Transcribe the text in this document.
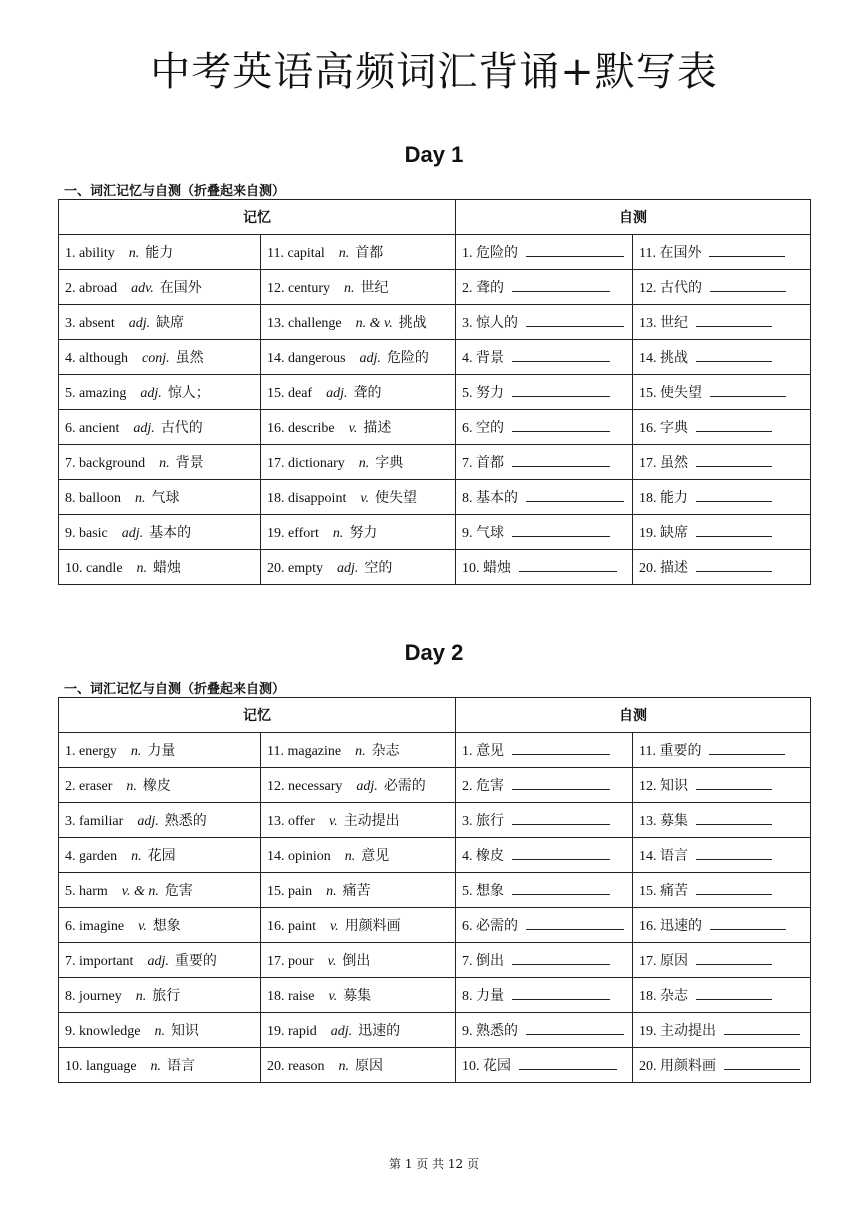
中考英语高频词汇背诵+默写表
Day 1
一、词汇记忆与自测（折叠起来自测）
记忆		自测	
1. ability n. 能力	11. capital n. 首都	1. 危险的	11. 在国外
2. abroad adv. 在国外	12. century n. 世纪	2. 聋的	12. 古代的
3. absent adj. 缺席	13. challenge n. & v. 挑战	3. 惊人的	13. 世纪
4. although conj. 虽然	14. dangerous adj. 危险的	4. 背景	14. 挑战
5. amazing adj. 惊人；	15. deaf adj. 聋的	5. 努力	15. 使失望
6. ancient adj. 古代的	16. describe v. 描述	6. 空的	16. 字典
7. background n. 背景	17. dictionary n. 字典	7. 首都	17. 虽然
8. balloon n. 气球	18. disappoint v. 使失望	8. 基本的	18. 能力
9. basic adj. 基本的	19. effort n. 努力	9. 气球	19. 缺席
10. candle n. 蜡烛	20. empty adj. 空的	10. 蜡烛	20. 描述
Day 2
一、词汇记忆与自测（折叠起来自测）
记忆		自测	
1. energy n. 力量	11. magazine n. 杂志	1. 意见	11. 重要的
2. eraser n. 橡皮	12. necessary adj. 必需的	2. 危害	12. 知识
3. familiar adj. 熟悉的	13. offer v. 主动提出	3. 旅行	13. 募集
4. garden n. 花园	14. opinion n. 意见	4. 橡皮	14. 语言
5. harm v. & n. 危害	15. pain n. 痛苦	5. 想象	15. 痛苦
6. imagine v. 想象	16. paint v. 用颜料画	6. 必需的	16. 迅速的
7. important adj. 重要的	17. pour v. 倒出	7. 倒出	17. 原因
8. journey n. 旅行	18. raise v. 募集	8. 力量	18. 杂志
9. knowledge n. 知识	19. rapid adj. 迅速的	9. 熟悉的	19. 主动提出
10. language n. 语言	20. reason n. 原因	10. 花园	20. 用颜料画
第 1 页 共 12 页
